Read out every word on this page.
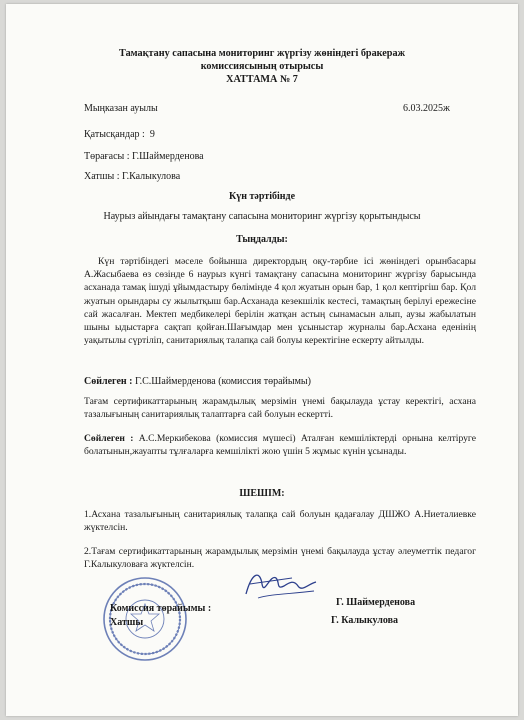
Тамақтану сапасына мониторинг жүргізу жөніндегі бракераж
комиссиясының отырысы
ХАТТАМА № 7
Мыңказан ауылы	6.03.2025ж
Қатысқандар : 9
Төрағасы : Г.Шаймерденова
Хатшы : Г.Калыкулова
Күн тәртібінде
Наурыз айындағы тамақтану сапасына мониторинг жүргізу қорытындысы
Тыңдалды:
Күн тәртібіндегі мәселе бойынша директордың оқу-тәрбие ісі жөніндегі орынбасары А.Жасыбаева өз сөзінде 6 наурыз күнгі тамақтану сапасына мониторинг жүргізу барысында асханада тамақ ішуді ұйымдастыру бөлімінде 4 қол жуатын орын бар, 1 қол кептіргіш бар. Қол жуатын орындары су жылытқыш бар.Асханада кезекшілік кестесі, тамақтың берілуі ережесіне сай жасалған. Мектеп медбикелері берілін жатқан астың сынамасын алып, аузы жабылатын шыны ыдыстарға сақтап қойған.Шағымдар мен ұсыныстар журналы бар.Асхана еденінің уақытылы сүртіліп, санитариялық талапқа сай болуы керектігіне ескерту айтылды.
Сөйлеген : Г.С.Шаймерденова (комиссия төрайымы)
Тағам сертификаттарының жарамдылық мерзімін үнемі бақылауда ұстау керектігі, асхана тазалығының санитариялық талаптарға сай болуын ескертті.
Сөйлеген : А.С.Меркибекова (комиссия мүшесі) Аталған кемшіліктерді орнына келтіруге болатынын,жауапты тұлғаларға кемшілікті жою үшін 5 жұмыс күнін ұсынады.
ШЕШІМ:
1.Асхана тазалығының санитариялық талапқа сай болуын қадағалау ДШЖО А.Ниеталиевке жүктелсін.
2.Тағам сертификаттарының жарамдылық мерзімін үнемі бақылауда ұстау әлеуметтік педагог Г.Калыкуловаға жүктелсін.
Комиссия төрайымы :
Хатшы
Г. Шаймерденова
Г. Калыкулова
